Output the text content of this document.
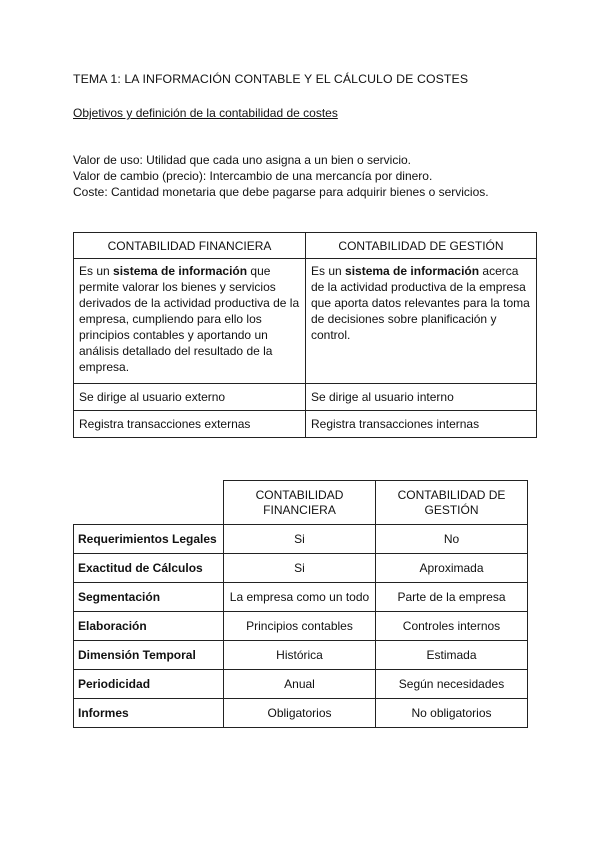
TEMA 1: LA INFORMACIÓN CONTABLE Y EL CÁLCULO DE COSTES
Objetivos y definición de la contabilidad de costes
Valor de uso: Utilidad que cada uno asigna a un bien o servicio.
Valor de cambio (precio): Intercambio de una mercancía por dinero.
Coste: Cantidad monetaria que debe pagarse para adquirir bienes o servicios.
CONTABILIDAD FINANCIERA	CONTABILIDAD DE GESTIÓN
Es un sistema de información que permite valorar los bienes y servicios derivados de la actividad productiva de la empresa, cumpliendo para ello los principios contables y aportando un análisis detallado del resultado de la empresa.	Es un sistema de información acerca de la actividad productiva de la empresa que aporta datos relevantes para la toma de decisiones sobre planificación y control.
Se dirige al usuario externo	Se dirige al usuario interno
Registra transacciones externas	Registra transacciones internas
	CONTABILIDAD FINANCIERA	CONTABILIDAD DE GESTIÓN
Requerimientos Legales	Si	No
Exactitud de Cálculos	Si	Aproximada
Segmentación	La empresa como un todo	Parte de la empresa
Elaboración	Principios contables	Controles internos
Dimensión Temporal	Histórica	Estimada
Periodicidad	Anual	Según necesidades
Informes	Obligatorios	No obligatorios
